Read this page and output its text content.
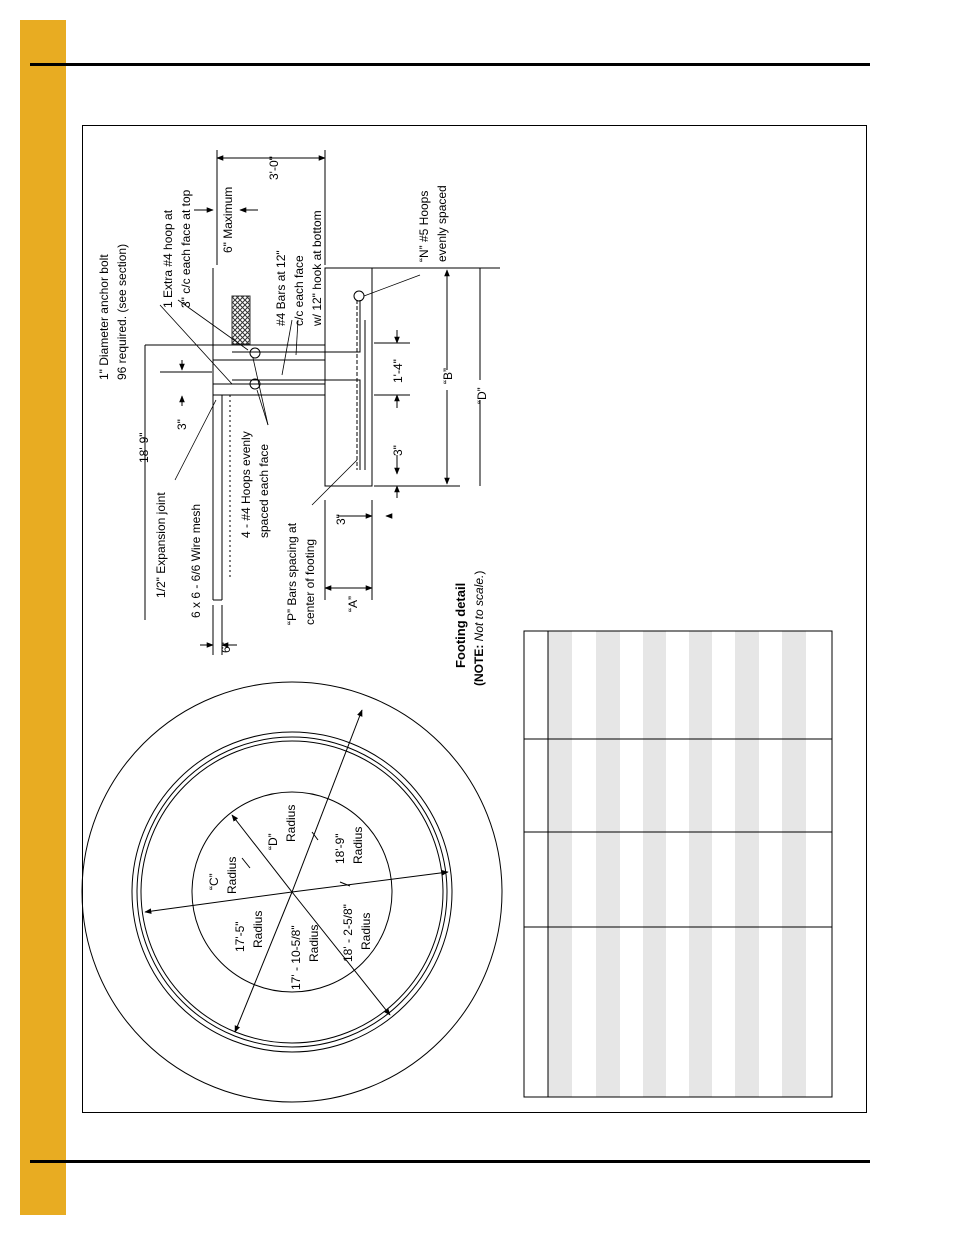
1" Diameter anchor bolt 96 required. (see section)	1 Extra #4 hoop at 3" c/c each face at top 6" Maximum
3'-0"
“N” #5 Hoops evenly spaced
#4 Bars at 12" c/c each face w/ 12" hook at bottom
18'-9"
3"
1'-4"
3"
“B”
“D”
3"
1/2" Expansion joint
4 - #4 Hoops evenly spaced each face
6 x 6 - 6/6 Wire mesh	“P” Bars spacing at center of footing “A”
6"	Footing detail (NOTE: Not to scale.)
“C” Radius
“D” Radius
17'-5" Radius
18'-9" Radius
17' - 10-5/8" Radius 18' - 2-5/8" Radius
